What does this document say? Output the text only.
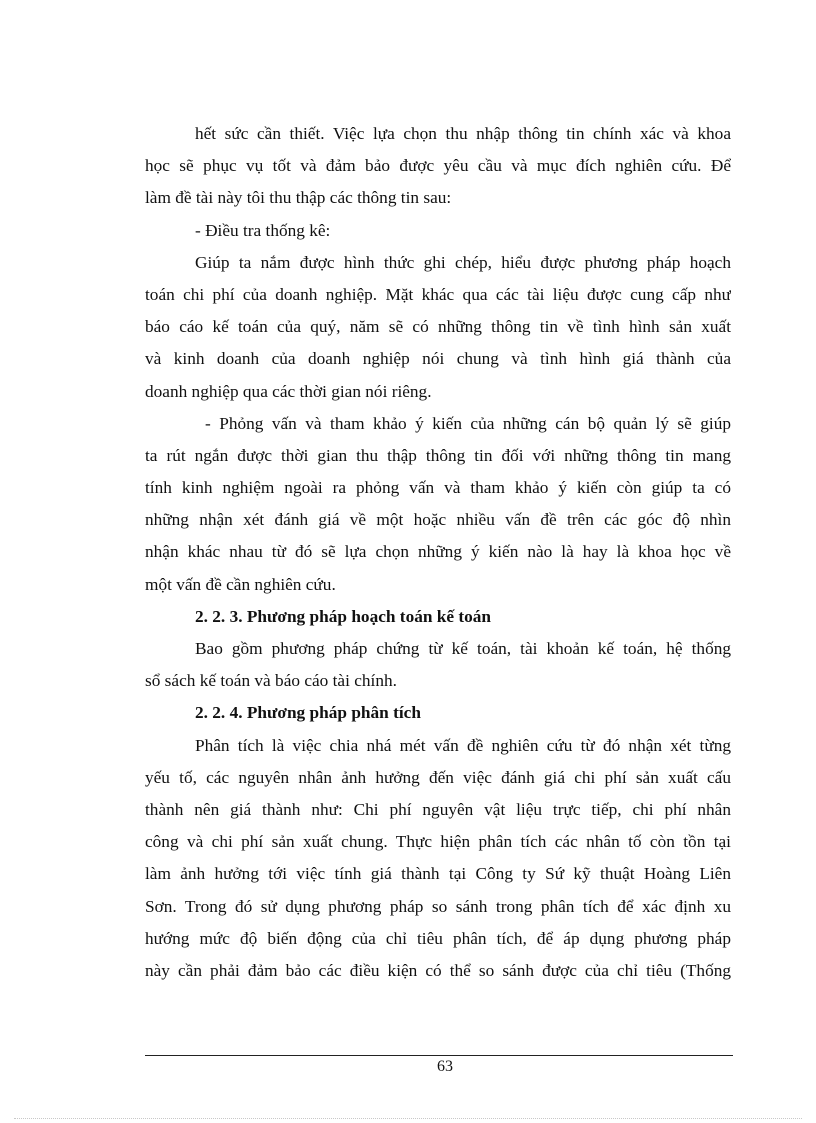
hết sức cần thiết. Việc lựa chọn thu nhập thông tin chính xác và khoa
học sẽ phục vụ tốt và đảm bảo được yêu cầu và mục đích nghiên cứu. Để
làm đề tài này tôi thu thập các thông tin sau:
- Điều tra thống kê:
Giúp ta nắm được hình thức ghi chép, hiểu được phương pháp hoạch
toán chi phí của doanh nghiệp. Mặt khác qua các tài liệu được cung cấp như
báo cáo kế toán của quý, năm sẽ có những thông tin về tình hình sản xuất
và kinh doanh của doanh nghiệp nói chung và tình hình giá thành của
doanh nghiệp qua các thời gian nói riêng.
- Phỏng vấn và tham khảo ý kiến của những cán bộ quản lý sẽ giúp
ta rút ngắn được thời gian thu thập thông tin đối với những thông tin mang
tính kinh nghiệm ngoài ra phỏng vấn và tham khảo ý kiến còn giúp ta có
những nhận xét đánh giá về một hoặc nhiều vấn đề trên các góc độ nhìn
nhận khác nhau từ đó sẽ lựa chọn những ý kiến nào là hay là khoa học về
một vấn đề cần nghiên cứu.
2. 2. 3. Phương pháp hoạch toán kế toán
Bao gồm phương pháp chứng từ kế toán, tài khoản kế toán, hệ thống
sổ sách kế toán và báo cáo tài chính.
2. 2. 4. Phương pháp phân tích
Phân tích là việc chia nhá mét vấn đề nghiên cứu từ đó nhận xét từng
yếu tố, các nguyên nhân ảnh hưởng đến việc đánh giá chi phí sản xuất cấu
thành nên giá thành như: Chi phí nguyên vật liệu trực tiếp, chi phí nhân
công và chi phí sản xuất chung. Thực hiện phân tích các nhân tố còn tồn tại
làm ảnh hưởng tới việc tính giá thành tại Công ty Sứ kỹ thuật Hoàng Liên
Sơn. Trong đó sử dụng phương pháp so sánh trong phân tích để xác định xu
hướng mức độ biến động của chỉ tiêu phân tích, để áp dụng phương pháp
này cần phải đảm bảo các điều kiện có thể so sánh được của chỉ tiêu (Thống
63
